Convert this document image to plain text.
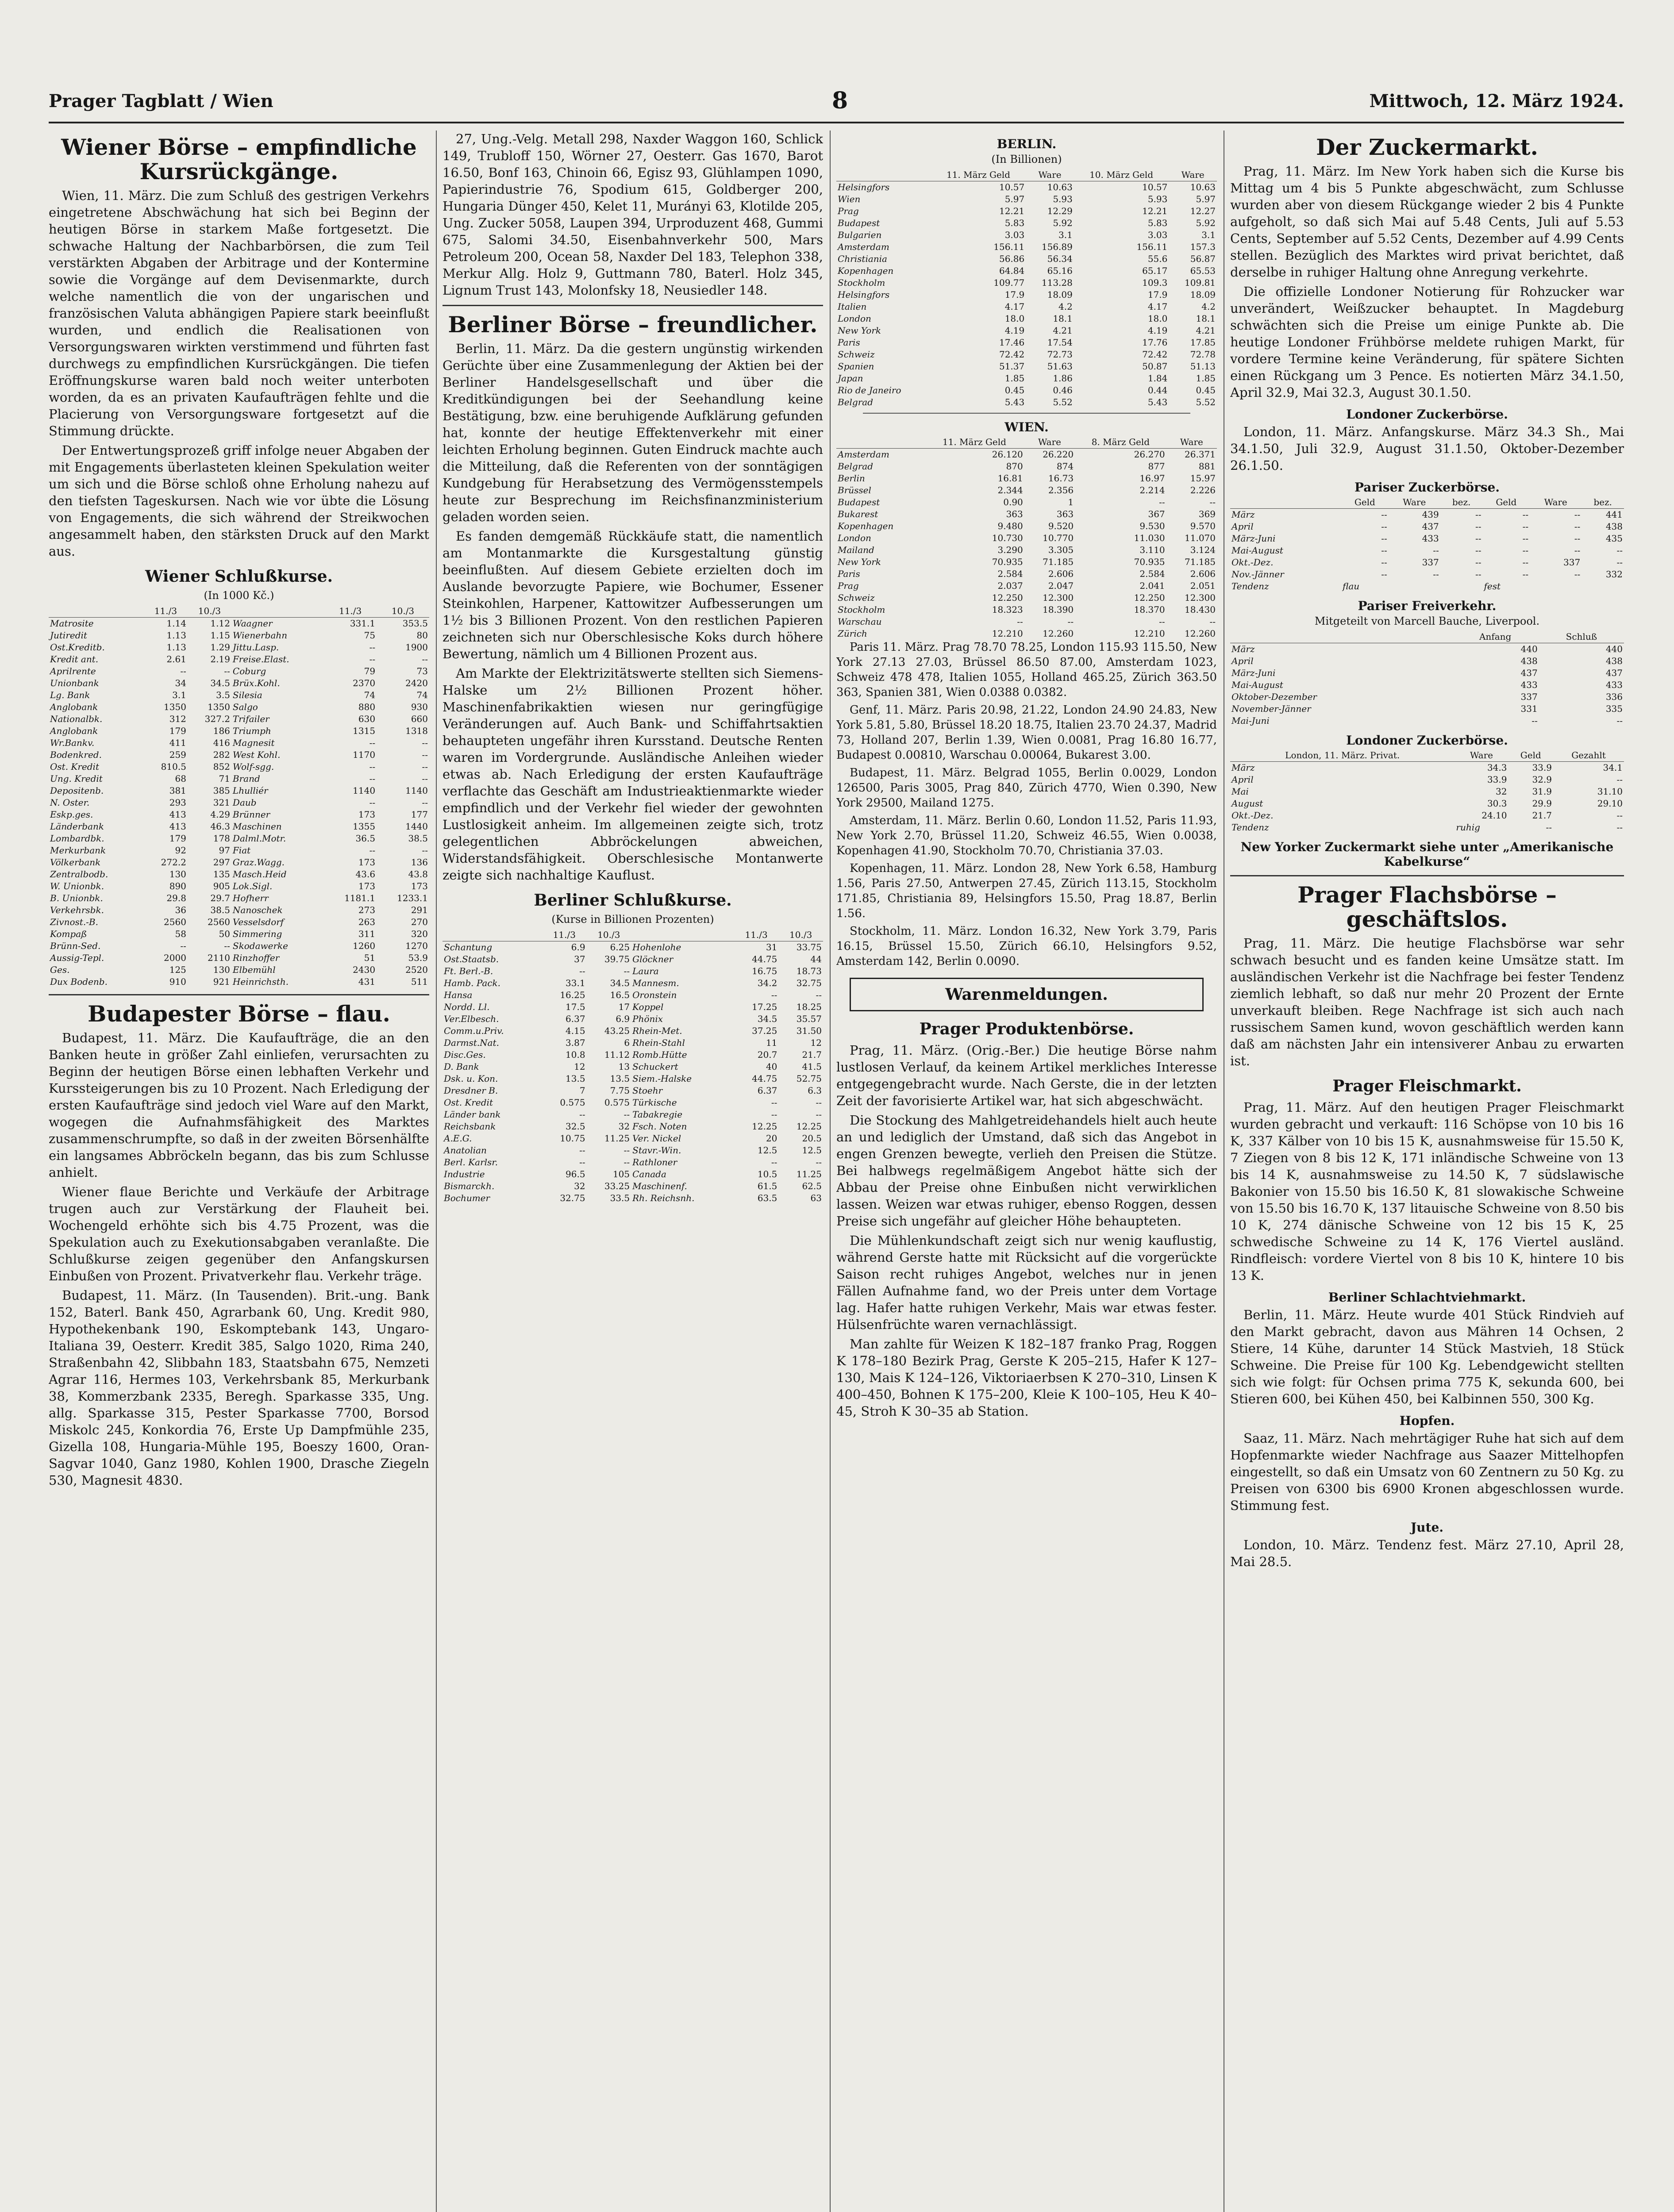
Prager Tagblatt / Wien	8	Mittwoch, 12. März 1924.
Wiener Börse – empfindliche Kursrückgänge.

Wien, 11. März. Die zum Schluß des gestrigen Verkehrs eingetretene Abschwächung hat sich bei Beginn der heutigen Börse in starkem Maße fortgesetzt. Die schwache Haltung der Nachbarbörsen, die zum Teil verstärkten Abgaben der Arbitrage und der Kontermine sowie die Vorgänge auf dem Devisenmarkte, durch welche namentlich die von der ungarischen und französischen Valuta abhängigen Papiere stark beeinflußt wurden, und endlich die Realisationen von Versorgungswaren wirkten verstimmend und führten fast durchwegs zu empfindlichen Kursrückgängen. Die tiefen Eröffnungskurse waren bald noch weiter unterboten worden, da es an privaten Kaufaufträgen fehlte und die Placierung von Versorgungsware fortgesetzt auf die Stimmung drückte.

Der Entwertungsprozeß griff infolge neuer Abgaben der mit Engagements überlasteten kleinen Spekulation weiter um sich und die Börse schloß ohne Erholung nahezu auf den tiefsten Tageskursen. Nach wie vor übte die Lösung von Engagements, die sich während der Streikwochen angesammelt haben, den stärksten Druck auf den Markt aus.

Wiener Schlußkurse.
(In 1000 Kč.)
	11./3	10./3		11./3	10./3
Matrosite	1.14	1.12	Waagner	331.1	353.5
Jutiredit	1.13	1.15	Wienerbahn	75	80
Ost.Kreditb.	1.13	1.29	Jittu.Lasp.	--	1900
Kredit ant.	2.61	2.19	Freise.Elast.	--	--
Aprilrente	--	--	Coburg	79	73
Unionbank	34	34.5	Brüx.Kohl.	2370	2420
Lg. Bank	3.1	3.5	Silesia	74	74
Anglobank	1350	1350	Salgo	880	930
Nationalbk.	312	327.2	Trifailer	630	660
Anglobank	179	186	Triumph	1315	1318
Wr.Bankv.	411	416	Magnesit	--	--
Bodenkred.	259	282	West Kohl.	1170	--
Ost. Kredit	810.5	852	Wolf-sgg.	--	--
Ung. Kredit	68	71	Brand	--	--
Depositenb.	381	385	Lhulliér	1140	1140
N. Oster.	293	321	Daub	--	--
Eskp.ges.	413	4.29	Brünner	173	177
Länderbank	413	46.3	Maschinen	1355	1440
Lombardbk.	179	178	Dalml.Motr.	36.5	38.5
Merkurbank	92	97	Fiat	--	--
Völkerbank	272.2	297	Graz.Wagg.	173	136
Zentralbodb.	130	135	Masch.Heid	43.6	43.8
W. Unionbk.	890	905	Lok.Sigl.	173	173
B. Unionbk.	29.8	29.7	Hofherr	1181.1	1233.1
Verkehrsbk.	36	38.5	Nanoschek	273	291
Zivnost.-B.	2560	2560	Vesselsdorf	263	270
Kompaß	58	50	Simmering	311	320
Brünn-Sed.	--	--	Skodawerke	1260	1270
Aussig-Tepl.	2000	2110	Rinzhoffer	51	53.9
Ges.	125	130	Elbemühl	2430	2520
Dux Bodenb.	910	921	Heinrichsth.	431	511
Budapester Börse – flau.

Budapest, 11. März. Die Kaufaufträge, die an den Banken heute in größer Zahl einliefen, verursachten zu Beginn der heutigen Börse einen lebhaften Verkehr und Kurssteigerungen bis zu 10 Prozent. Nach Erledigung der ersten Kaufaufträge sind jedoch viel Ware auf den Markt, wogegen die Aufnahmsfähigkeit des Marktes zusammenschrumpfte, so daß in der zweiten Börsenhälfte ein langsames Abbröckeln begann, das bis zum Schlusse anhielt.

Wiener flaue Berichte und Verkäufe der Arbitrage trugen auch zur Verstärkung der Flauheit bei. Wochengeld erhöhte sich bis 4.75 Prozent, was die Spekulation auch zu Exekutionsabgaben veranlaßte. Die Schlußkurse zeigen gegenüber den Anfangskursen Einbußen von Prozent. Privatverkehr flau. Verkehr träge.

Budapest, 11. März. (In Tausenden). Brit.-ung. Bank 152, Baterl. Bank 450, Agrarbank 60, Ung. Kredit 980, Hypothekenbank 190, Eskomptebank 143, Ungaro-Italiana 39, Oesterr. Kredit 385, Salgo 1020, Rima 240, Straßenbahn 42, Slibbahn 183, Staatsbahn 675, Nemzeti Agrar 116, Hermes 103, Verkehrsbank 85, Merkurbank 38, Kommerzbank 2335, Beregh. Sparkasse 335, Ung. allg. Sparkasse 315, Pester Sparkasse 7700, Borsod Miskolc 245, Konkordia 76, Erste Up Dampfmühle 235, Gizella 108, Hungaria-Mühle 195, Boeszy 1600, Oran-Sagvar 1040, Ganz 1980, Kohlen 1900, Drasche Ziegeln 530, Magnesit 4830.

27, Ung.-Velg. Metall 298, Naxder Waggon 160, Schlick 149, Trubloff 150, Wörner 27, Oesterr. Gas 1670, Barot 16.50, Bonf 163, Chinoin 66, Egisz 93, Glühlampen 1090, Papierindustrie 76, Spodium 615, Goldberger 200, Hungaria Dünger 450, Kelet 11, Murányi 63, Klotilde 205, Ung. Zucker 5058, Laupen 394, Urproduzent 468, Gummi 675, Salomi 34.50, Eisenbahnverkehr 500, Mars Petroleum 200, Ocean 58, Naxder Del 183, Telephon 338, Merkur Allg. Holz 9, Guttmann 780, Baterl. Holz 345, Lignum Trust 143, Molonfsky 18, Neusiedler 148.

Berliner Börse – freundlicher.

Berlin, 11. März. Da die gestern ungünstig wirkenden Gerüchte über eine Zusammenlegung der Aktien bei der Berliner Handelsgesellschaft und über die Kreditkündigungen bei der Seehandlung keine Bestätigung, bzw. eine beruhigende Aufklärung gefunden hat, konnte der heutige Effektenverkehr mit einer leichten Erholung beginnen. Guten Eindruck machte auch die Mitteilung, daß die Referenten von der sonntägigen Kundgebung für Herabsetzung des Vermögensstempels heute zur Besprechung im Reichsfinanzministerium geladen worden seien.

Es fanden demgemäß Rückkäufe statt, die namentlich am Montanmarkte die Kursgestaltung günstig beeinflußten. Auf diesem Gebiete erzielten doch im Auslande bevorzugte Papiere, wie Bochumer, Essener Steinkohlen, Harpener, Kattowitzer Aufbesserungen um 1½ bis 3 Billionen Prozent. Von den restlichen Papieren zeichneten sich nur Oberschlesische Koks durch höhere Bewertung, nämlich um 4 Billionen Prozent aus.

Am Markte der Elektrizitätswerte stellten sich Siemens-Halske um 2½ Billionen Prozent höher. Maschinenfabrikaktien wiesen nur geringfügige Veränderungen auf. Auch Bank- und Schiffahrtsaktien behaupteten ungefähr ihren Kursstand. Deutsche Renten waren im Vordergrunde. Ausländische Anleihen wieder etwas ab. Nach Erledigung der ersten Kaufaufträge verflachte das Geschäft am Industrieaktienmarkte wieder empfindlich und der Verkehr fiel wieder der gewohnten Lustlosigkeit anheim. Im allgemeinen zeigte sich, trotz gelegentlichen Abbröckelungen abweichen, Widerstandsfähigkeit. Oberschlesische Montanwerte zeigte sich nachhaltige Kauflust.

Berliner Schlußkurse.
(Kurse in Billionen Prozenten)
	11./3	10./3		11./3	10./3
Schantung	6.9	6.25	Hohenlohe	31	33.75
Ost.Staatsb.	37	39.75	Glöckner	44.75	44
Ft. Berl.-B.	--	--	Laura	16.75	18.73
Hamb. Pack.	33.1	34.5	Mannesm.	34.2	32.75
Hansa	16.25	16.5	Oronstein	--	--
Nordd. Ll.	17.5	17	Koppel	17.25	18.25
Ver.Elbesch.	6.37	6.9	Phönix	34.5	35.57
Comm.u.Priv.	4.15	43.25	Rhein-Met.	37.25	31.50
Darmst.Nat.	3.87	6	Rhein-Stahl	11	12
Disc.Ges.	10.8	11.12	Romb.Hütte	20.7	21.7
D. Bank	12	13	Schuckert	40	41.5
Dsk. u. Kon.	13.5	13.5	Siem.-Halske	44.75	52.75
Dresdner B.	7	7.75	Stoehr	6.37	6.3
Ost. Kredit	0.575	0.575	Türkische	--	--
Länder bank	--	--	Tabakregie	--	--
Reichsbank	32.5	32	Fsch. Noten	12.25	12.25
A.E.G.	10.75	11.25	Ver. Nickel	20	20.5
Anatolian	--	--	Stavr.-Win.	12.5	12.5
Berl. Karlsr.	--	--	Rathloner	--	--
Industrie	96.5	105	Canada	10.5	11.25
Bismarckh.	32	33.25	Maschinenf.	61.5	62.5
Bochumer	32.75	33.5	Rh. Reichsnh.	63.5	63
BERLIN.
(In Billionen)
	11. März Geld	Ware	10. März Geld	Ware
Helsingfors	10.57	10.63	10.57	10.63
Wien	5.97	5.93	5.93	5.97
Prag	12.21	12.29	12.21	12.27
Budapest	5.83	5.92	5.83	5.92
Bulgarien	3.03	3.1	3.03	3.1
Amsterdam	156.11	156.89	156.11	157.3
Christiania	56.86	56.34	55.6	56.87
Kopenhagen	64.84	65.16	65.17	65.53
Stockholm	109.77	113.28	109.3	109.81
Helsingfors	17.9	18.09	17.9	18.09
Italien	4.17	4.2	4.17	4.2
London	18.0	18.1	18.0	18.1
New York	4.19	4.21	4.19	4.21
Paris	17.46	17.54	17.76	17.85
Schweiz	72.42	72.73	72.42	72.78
Spanien	51.37	51.63	50.87	51.13
Japan	1.85	1.86	1.84	1.85
Rio de Janeiro	0.45	0.46	0.44	0.45
Belgrad	5.43	5.52	5.43	5.52
WIEN.
	11. März Geld	Ware	8. März Geld	Ware
Amsterdam	26.120	26.220	26.270	26.371
Belgrad	870	874	877	881
Berlin	16.81	16.73	16.97	15.97
Brüssel	2.344	2.356	2.214	2.226
Budapest	0.90	1	--	--
Bukarest	363	363	367	369
Kopenhagen	9.480	9.520	9.530	9.570
London	10.730	10.770	11.030	11.070
Mailand	3.290	3.305	3.110	3.124
New York	70.935	71.185	70.935	71.185
Paris	2.584	2.606	2.584	2.606
Prag	2.037	2.047	2.041	2.051
Schweiz	12.250	12.300	12.250	12.300
Stockholm	18.323	18.390	18.370	18.430
Warschau	--	--	--	--
Zürich	12.210	12.260	12.210	12.260

Paris 11. März. Prag 78.70 78.25, London 115.93 115.50, New York 27.13 27.03, Brüssel 86.50 87.00, Amsterdam 1023, Schweiz 478 478, Italien 1055, Holland 465.25, Zürich 363.50 363, Spanien 381, Wien 0.0388 0.0382.

Genf, 11. März. Paris 20.98, 21.22, London 24.90 24.83, New York 5.81, 5.80, Brüssel 18.20 18.75, Italien 23.70 24.37, Madrid 73, Holland 207, Berlin 1.39, Wien 0.0081, Prag 16.80 16.77, Budapest 0.00810, Warschau 0.00064, Bukarest 3.00.

Budapest, 11. März. Belgrad 1055, Berlin 0.0029, London 126500, Paris 3005, Prag 840, Zürich 4770, Wien 0.390, New York 29500, Mailand 1275.

Amsterdam, 11. März. Berlin 0.60, London 11.52, Paris 11.93, New York 2.70, Brüssel 11.20, Schweiz 46.55, Wien 0.0038, Kopenhagen 41.90, Stockholm 70.70, Christiania 37.03.

Kopenhagen, 11. März. London 28, New York 6.58, Hamburg 1.56, Paris 27.50, Antwerpen 27.45, Zürich 113.15, Stockholm 171.85, Christiania 89, Helsingfors 15.50, Prag 18.87, Berlin 1.56.

Stockholm, 11. März. London 16.32, New York 3.79, Paris 16.15, Brüssel 15.50, Zürich 66.10, Helsingfors 9.52, Amsterdam 142, Berlin 0.0090.

Warenmeldungen.
Prager Produktenbörse.

Prag, 11. März. (Orig.-Ber.) Die heutige Börse nahm lustlosen Verlauf, da keinem Artikel merkliches Interesse entgegengebracht wurde. Nach Gerste, die in der letzten Zeit der favorisierte Artikel war, hat sich abgeschwächt.

Die Stockung des Mahlgetreidehandels hielt auch heute an und lediglich der Umstand, daß sich das Angebot in engen Grenzen bewegte, verlieh den Preisen die Stütze. Bei halbwegs regelmäßigem Angebot hätte sich der Abbau der Preise ohne Einbußen nicht verwirklichen lassen. Weizen war etwas ruhiger, ebenso Roggen, dessen Preise sich ungefähr auf gleicher Höhe behaupteten.

Die Mühlenkundschaft zeigt sich nur wenig kauflustig, während Gerste hatte mit Rücksicht auf die vorgerückte Saison recht ruhiges Angebot, welches nur in jenen Fällen Aufnahme fand, wo der Preis unter dem Vortage lag. Hafer hatte ruhigen Verkehr, Mais war etwas fester. Hülsenfrüchte waren vernachlässigt.

Man zahlte für Weizen K 182–187 franko Prag, Roggen K 178–180 Bezirk Prag, Gerste K 205–215, Hafer K 127–130, Mais K 124–126, Viktoriaerbsen K 270–310, Linsen K 400–450, Bohnen K 175–200, Kleie K 100–105, Heu K 40–45, Stroh K 30–35 ab Station.

Der Zuckermarkt.

Prag, 11. März. Im New York haben sich die Kurse bis Mittag um 4 bis 5 Punkte abgeschwächt, zum Schlusse wurden aber von diesem Rückgange wieder 2 bis 4 Punkte aufgeholt, so daß sich Mai auf 5.48 Cents, Juli auf 5.53 Cents, September auf 5.52 Cents, Dezember auf 4.99 Cents stellen. Bezüglich des Marktes wird privat berichtet, daß derselbe in ruhiger Haltung ohne Anregung verkehrte.

Die offizielle Londoner Notierung für Rohzucker war unverändert, Weißzucker behauptet. In Magdeburg schwächten sich die Preise um einige Punkte ab. Die heutige Londoner Frühbörse meldete ruhigen Markt, für vordere Termine keine Veränderung, für spätere Sichten einen Rückgang um 3 Pence. Es notierten März 34.1.50, April 32.9, Mai 32.3, August 30.1.50.

Londoner Zuckerbörse.

London, 11. März. Anfangskurse. März 34.3 Sh., Mai 34.1.50, Juli 32.9, August 31.1.50, Oktober-Dezember 26.1.50.

Pariser Zuckerbörse.
	Geld	Ware	bez.	Geld	Ware	bez.
März	--	439	--	--	--	441
April	--	437	--	--	--	438
März-Juni	--	433	--	--	--	435
Mai-August	--	--	--	--	--	--
Okt.-Dez.	--	337	--	--	337	--
Nov.-Jänner	--	--	--	--	--	332
Tendenz	flau			fest		
Pariser Freiverkehr.
Mitgeteilt von Marcell Bauche, Liverpool.
	Anfang	Schluß
März	440	440
April	438	438
März-Juni	437	437
Mai-August	433	433
Oktober-Dezember	337	336
November-Jänner	331	335
Mai-Juni	--	--
Londoner Zuckerbörse.
London, 11. März. Privat.	Ware	Geld	Gezahlt
März	34.3	33.9	34.1
April	33.9	32.9	--
Mai	32	31.9	31.10
August	30.3	29.9	29.10
Okt.-Dez.	24.10	21.7	--
Tendenz	ruhig	--	--
New Yorker Zuckermarkt siehe unter „Amerikanische Kabelkurse“
Prager Flachsbörse – geschäftslos.

Prag, 11. März. Die heutige Flachsbörse war sehr schwach besucht und es fanden keine Umsätze statt. Im ausländischen Verkehr ist die Nachfrage bei fester Tendenz ziemlich lebhaft, so daß nur mehr 20 Prozent der Ernte unverkauft bleiben. Rege Nachfrage ist sich auch nach russischem Samen kund, wovon geschäftlich werden kann daß am nächsten Jahr ein intensiverer Anbau zu erwarten ist.

Prager Fleischmarkt.

Prag, 11. März. Auf den heutigen Prager Fleischmarkt wurden gebracht und verkauft: 116 Schöpse von 10 bis 16 K, 337 Kälber von 10 bis 15 K, ausnahmsweise für 15.50 K, 7 Ziegen von 8 bis 12 K, 171 inländische Schweine von 13 bis 14 K, ausnahmsweise zu 14.50 K, 7 südslawische Bakonier von 15.50 bis 16.50 K, 81 slowakische Schweine von 15.50 bis 16.70 K, 137 litauische Schweine von 8.50 bis 10 K, 274 dänische Schweine von 12 bis 15 K, 25 schwedische Schweine zu 14 K, 176 Viertel ausländ. Rindfleisch: vordere Viertel von 8 bis 10 K, hintere 10 bis 13 K.

Berliner Schlachtviehmarkt.

Berlin, 11. März. Heute wurde 401 Stück Rindvieh auf den Markt gebracht, davon aus Mähren 14 Ochsen, 2 Stiere, 14 Kühe, darunter 14 Stück Mastvieh, 18 Stück Schweine. Die Preise für 100 Kg. Lebendgewicht stellten sich wie folgt: für Ochsen prima 775 K, sekunda 600, bei Stieren 600, bei Kühen 450, bei Kalbinnen 550, 300 Kg.

Hopfen.

Saaz, 11. März. Nach mehrtägiger Ruhe hat sich auf dem Hopfenmarkte wieder Nachfrage aus Saazer Mittelhopfen eingestellt, so daß ein Umsatz von 60 Zentnern zu 50 Kg. zu Preisen von 6300 bis 6900 Kronen abgeschlossen wurde. Stimmung fest.

Jute.

London, 10. März. Tendenz fest. März 27.10, April 28, Mai 28.5.
